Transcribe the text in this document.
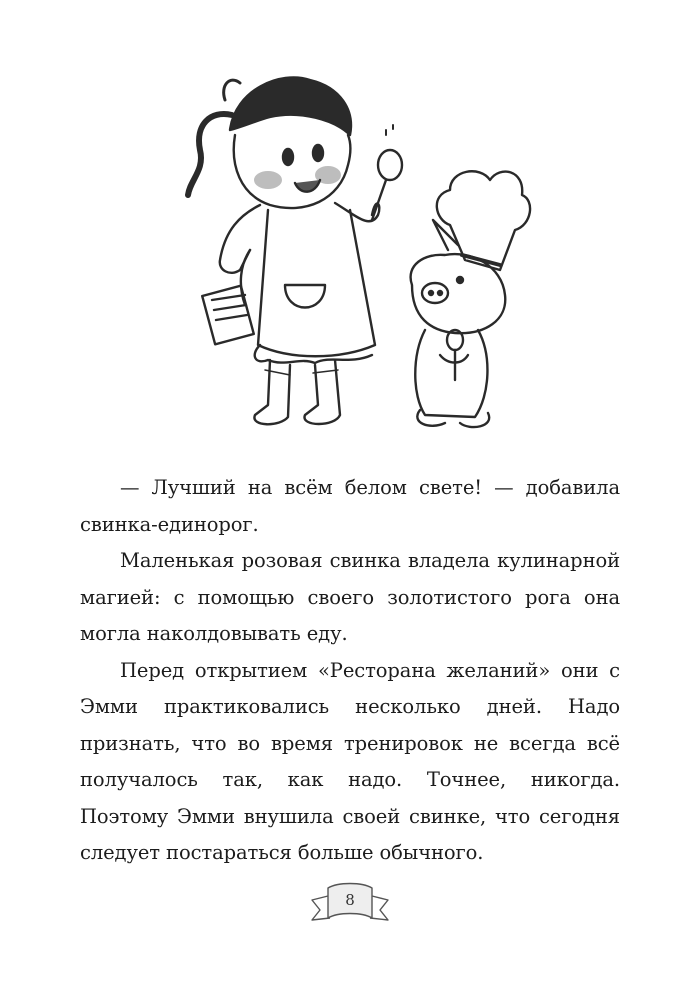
— Лучший на всём белом свете! — добавила свинка-единорог.

Маленькая розовая свинка владела кулинарной магией: с помощью своего золотистого рога она могла наколдовывать еду.

Перед открытием «Ресторана желаний» они с Эмми практиковались несколько дней. Надо признать, что во время тренировок не всегда всё получалось так, как надо. Точнее, никогда. Поэтому Эмми внушила своей свинке, что сегодня следует постараться больше обычного.

8
